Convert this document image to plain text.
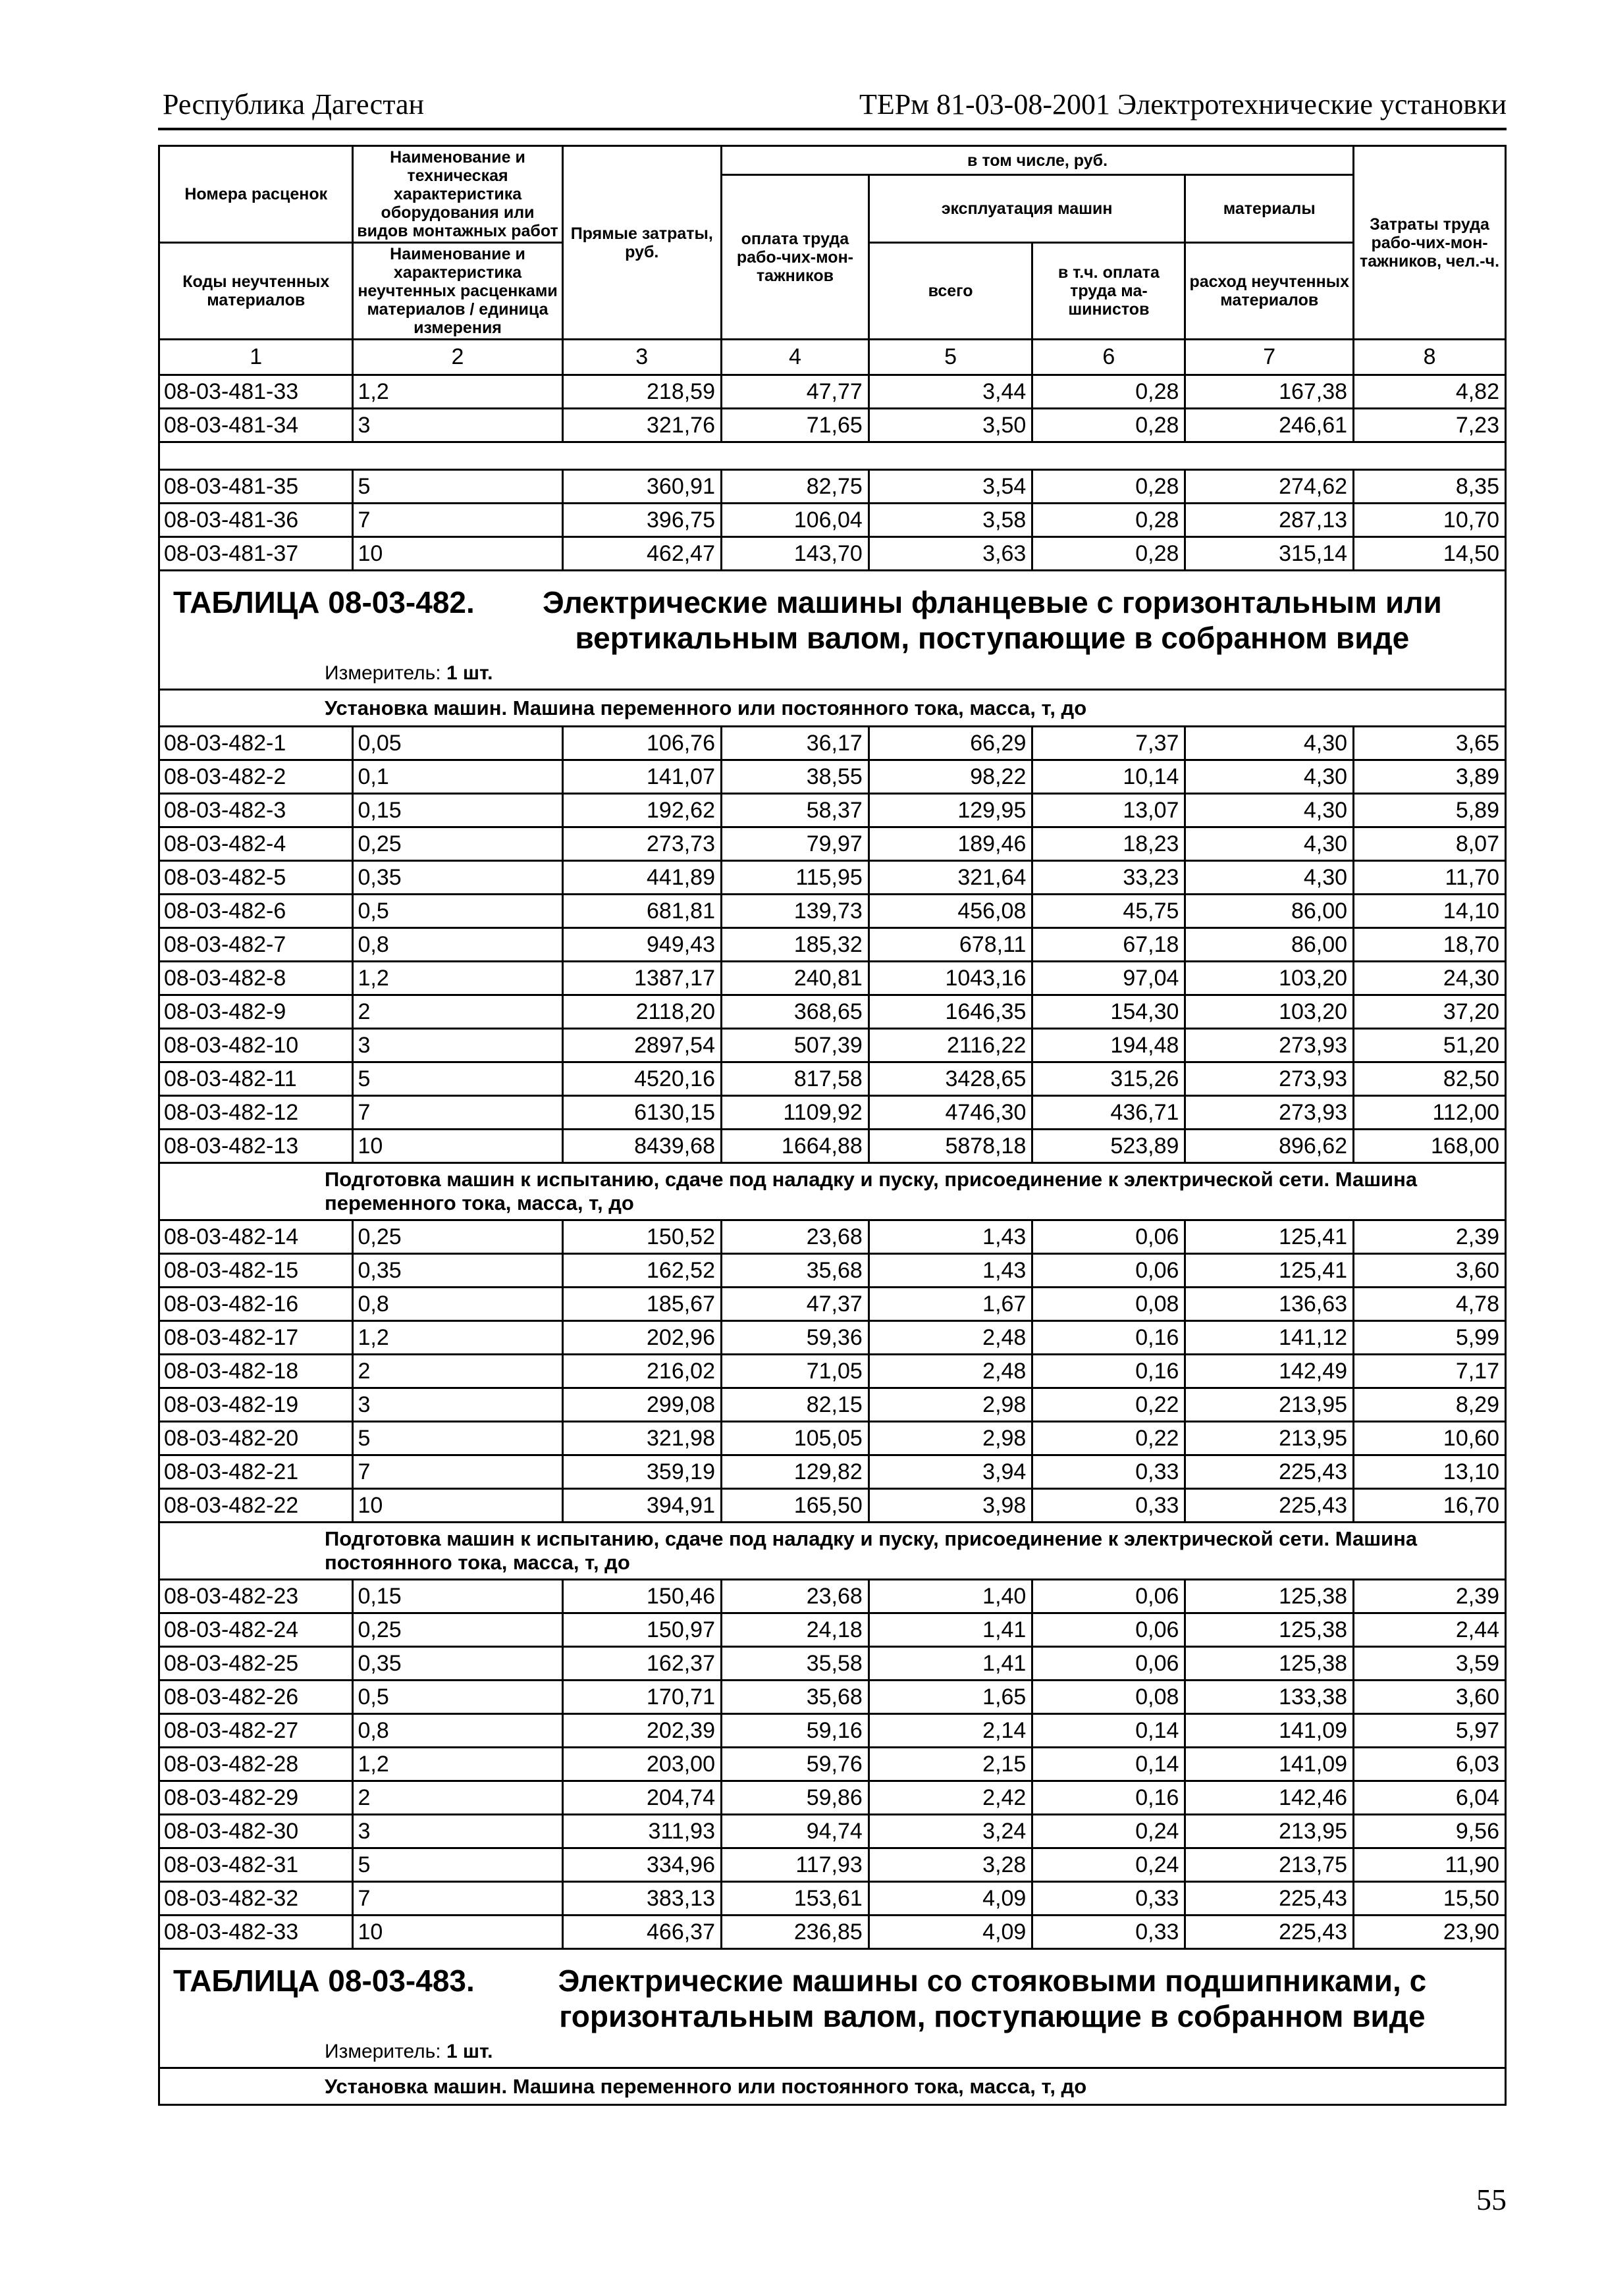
Республика Дагестан	ТЕРм 81-03-08-2001 Электротехнические установки
Номера расценок	Наименование и техническая характеристика оборудования или видов монтажных работ	Прямые затраты, руб.	в том числе, руб.				Затраты труда рабо-чих-мон-тажников, чел.-ч.
			оплата труда рабо-чих-мон-тажников	эксплуатация машин		материалы	
Коды неучтенных материалов	Наименование и характеристика неучтенных расценками материалов / единица измерения			всего	в т.ч. оплата труда ма-шинистов	расход неучтенных материалов	

1	2	3	4	5	6	7	8
08-03-481-33	1,2	218,59	47,77	3,44	0,28	167,38	4,82
08-03-481-34	3	321,76	71,65	3,50	0,28	246,61	7,23

08-03-481-35	5	360,91	82,75	3,54	0,28	274,62	8,35
08-03-481-36	7	396,75	106,04	3,58	0,28	287,13	10,70
08-03-481-37	10	462,47	143,70	3,63	0,28	315,14	14,50

ТАБЛИЦА 08-03-482. Электрические машины фланцевые с горизонтальным или вертикальным валом, поступающие в собранном виде
Измеритель: 1 шт.							

Установка машин. Машина переменного или постоянного тока, масса, т, до							
08-03-482-1	0,05	106,76	36,17	66,29	7,37	4,30	3,65
08-03-482-2	0,1	141,07	38,55	98,22	10,14	4,30	3,89
08-03-482-3	0,15	192,62	58,37	129,95	13,07	4,30	5,89
08-03-482-4	0,25	273,73	79,97	189,46	18,23	4,30	8,07
08-03-482-5	0,35	441,89	115,95	321,64	33,23	4,30	11,70
08-03-482-6	0,5	681,81	139,73	456,08	45,75	86,00	14,10
08-03-482-7	0,8	949,43	185,32	678,11	67,18	86,00	18,70
08-03-482-8	1,2	1387,17	240,81	1043,16	97,04	103,20	24,30
08-03-482-9	2	2118,20	368,65	1646,35	154,30	103,20	37,20
08-03-482-10	3	2897,54	507,39	2116,22	194,48	273,93	51,20
08-03-482-11	5	4520,16	817,58	3428,65	315,26	273,93	82,50
08-03-482-12	7	6130,15	1109,92	4746,30	436,71	273,93	112,00
08-03-482-13	10	8439,68	1664,88	5878,18	523,89	896,62	168,00
Подготовка машин к испытанию, сдаче под наладку и пуску, присоединение к электрической сети. Машина переменного тока, масса, т, до							
08-03-482-14	0,25	150,52	23,68	1,43	0,06	125,41	2,39
08-03-482-15	0,35	162,52	35,68	1,43	0,06	125,41	3,60
08-03-482-16	0,8	185,67	47,37	1,67	0,08	136,63	4,78
08-03-482-17	1,2	202,96	59,36	2,48	0,16	141,12	5,99
08-03-482-18	2	216,02	71,05	2,48	0,16	142,49	7,17
08-03-482-19	3	299,08	82,15	2,98	0,22	213,95	8,29
08-03-482-20	5	321,98	105,05	2,98	0,22	213,95	10,60
08-03-482-21	7	359,19	129,82	3,94	0,33	225,43	13,10
08-03-482-22	10	394,91	165,50	3,98	0,33	225,43	16,70
Подготовка машин к испытанию, сдаче под наладку и пуску, присоединение к электрической сети. Машина постоянного тока, масса, т, до							
08-03-482-23	0,15	150,46	23,68	1,40	0,06	125,38	2,39
08-03-482-24	0,25	150,97	24,18	1,41	0,06	125,38	2,44
08-03-482-25	0,35	162,37	35,58	1,41	0,06	125,38	3,59
08-03-482-26	0,5	170,71	35,68	1,65	0,08	133,38	3,60
08-03-482-27	0,8	202,39	59,16	2,14	0,14	141,09	5,97
08-03-482-28	1,2	203,00	59,76	2,15	0,14	141,09	6,03
08-03-482-29	2	204,74	59,86	2,42	0,16	142,46	6,04
08-03-482-30	3	311,93	94,74	3,24	0,24	213,95	9,56
08-03-482-31	5	334,96	117,93	3,28	0,24	213,75	11,90
08-03-482-32	7	383,13	153,61	4,09	0,33	225,43	15,50
08-03-482-33	10	466,37	236,85	4,09	0,33	225,43	23,90

ТАБЛИЦА 08-03-483. Электрические машины со стояковыми подшипниками, с горизонтальным валом, поступающие в собранном виде
Измеритель: 1 шт.							

Установка машин. Машина переменного или постоянного тока, масса, т, до							
55
